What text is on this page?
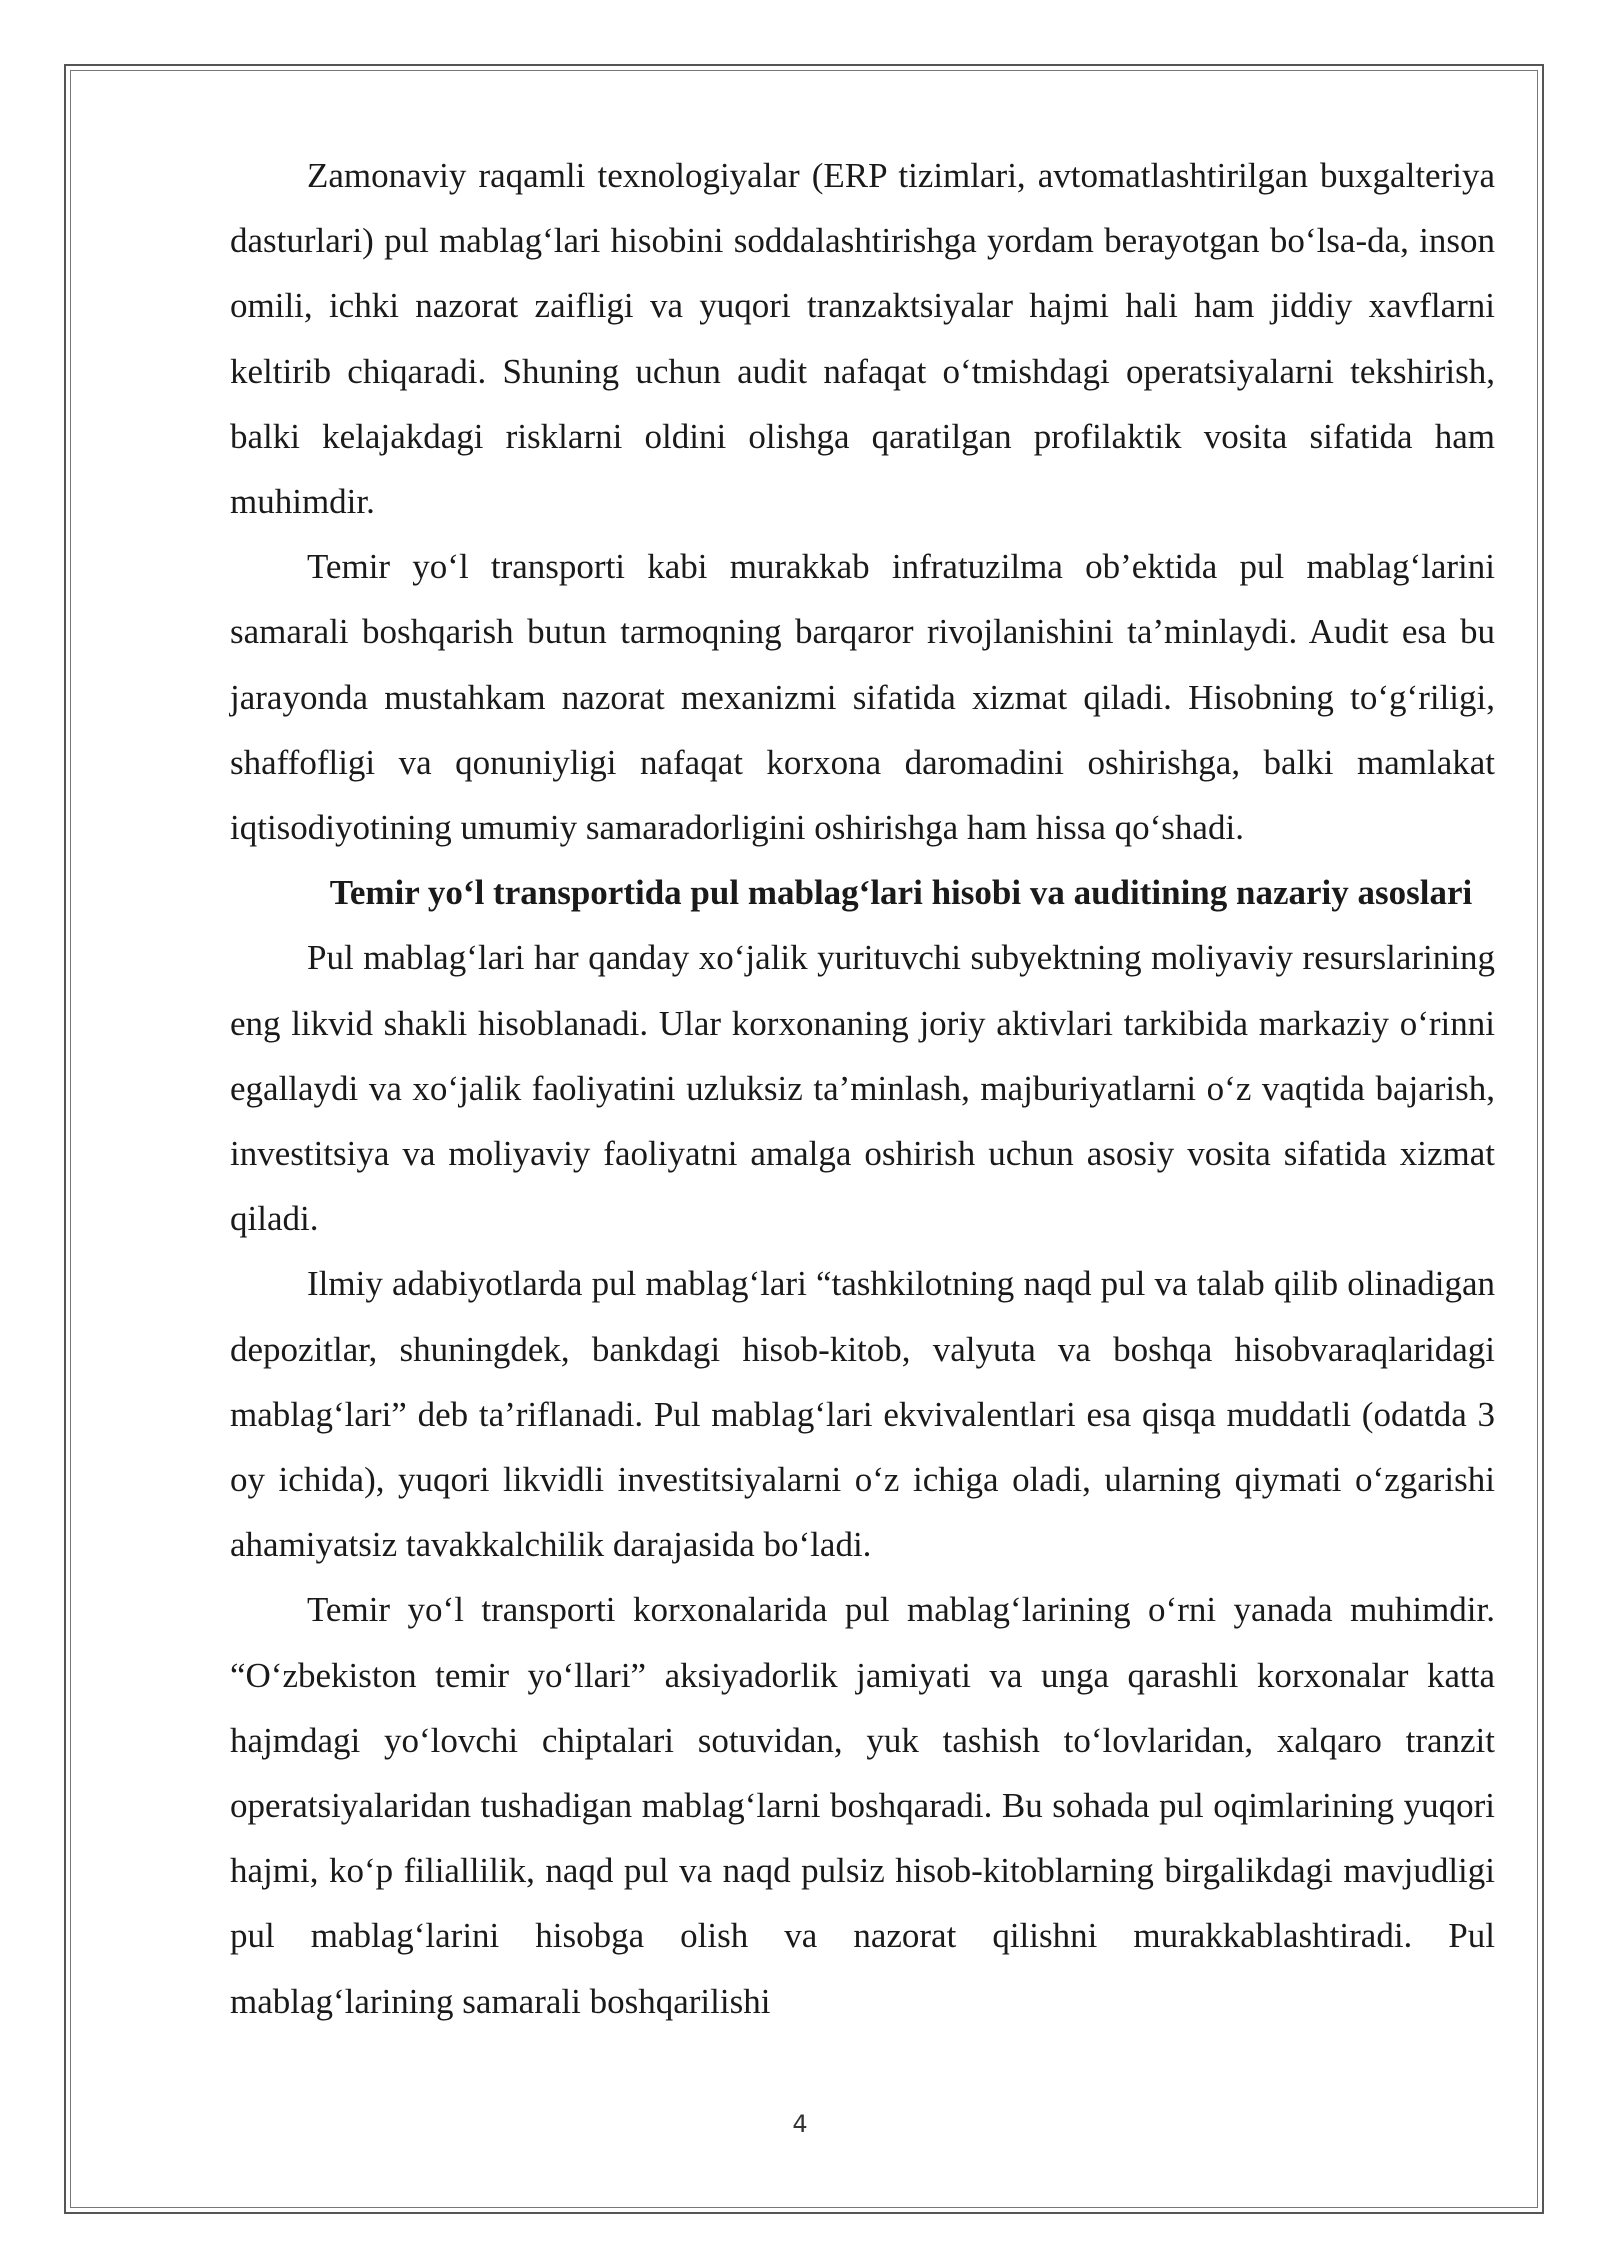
Zamonaviy raqamli texnologiyalar (ERP tizimlari, avtomatlashtirilgan buxgalteriya dasturlari) pul mablag‘lari hisobini soddalashtirishga yordam berayotgan bo‘lsa-da, inson omili, ichki nazorat zaifligi va yuqori tranzaktsiyalar hajmi hali ham jiddiy xavflarni keltirib chiqaradi. Shuning uchun audit nafaqat o‘tmishdagi operatsiyalarni tekshirish, balki kelajakdagi risklarni oldini olishga qaratilgan profilaktik vosita sifatida ham muhimdir.

Temir yo‘l transporti kabi murakkab infratuzilma ob’ektida pul mablag‘larini samarali boshqarish butun tarmoqning barqaror rivojlanishini ta’minlaydi. Audit esa bu jarayonda mustahkam nazorat mexanizmi sifatida xizmat qiladi. Hisobning to‘g‘riligi, shaffofligi va qonuniyligi nafaqat korxona daromadini oshirishga, balki mamlakat iqtisodiyotining umumiy samaradorligini oshirishga ham hissa qo‘shadi.

Temir yo‘l transportida pul mablag‘lari hisobi va auditining nazariy asoslari

Pul mablag‘lari har qanday xo‘jalik yurituvchi subyektning moliyaviy resurslarining eng likvid shakli hisoblanadi. Ular korxonaning joriy aktivlari tarkibida markaziy o‘rinni egallaydi va xo‘jalik faoliyatini uzluksiz ta’minlash, majburiyatlarni o‘z vaqtida bajarish, investitsiya va moliyaviy faoliyatni amalga oshirish uchun asosiy vosita sifatida xizmat qiladi.

Ilmiy adabiyotlarda pul mablag‘lari “tashkilotning naqd pul va talab qilib olinadigan depozitlar, shuningdek, bankdagi hisob-kitob, valyuta va boshqa hisobvaraqlaridagi mablag‘lari” deb ta’riflanadi. Pul mablag‘lari ekvivalentlari esa qisqa muddatli (odatda 3 oy ichida), yuqori likvidli investitsiyalarni o‘z ichiga oladi, ularning qiymati o‘zgarishi ahamiyatsiz tavakkalchilik darajasida bo‘ladi.

Temir yo‘l transporti korxonalarida pul mablag‘larining o‘rni yanada muhimdir. “O‘zbekiston temir yo‘llari” aksiyadorlik jamiyati va unga qarashli korxonalar katta hajmdagi yo‘lovchi chiptalari sotuvidan, yuk tashish to‘lovlaridan, xalqaro tranzit operatsiyalaridan tushadigan mablag‘larni boshqaradi. Bu sohada pul oqimlarining yuqori hajmi, ko‘p filiallilik, naqd pul va naqd pulsiz hisob-kitoblarning birgalikdagi mavjudligi pul mablag‘larini hisobga olish va nazorat qilishni murakkablashtiradi. Pul mablag‘larining samarali boshqarilishi

4
